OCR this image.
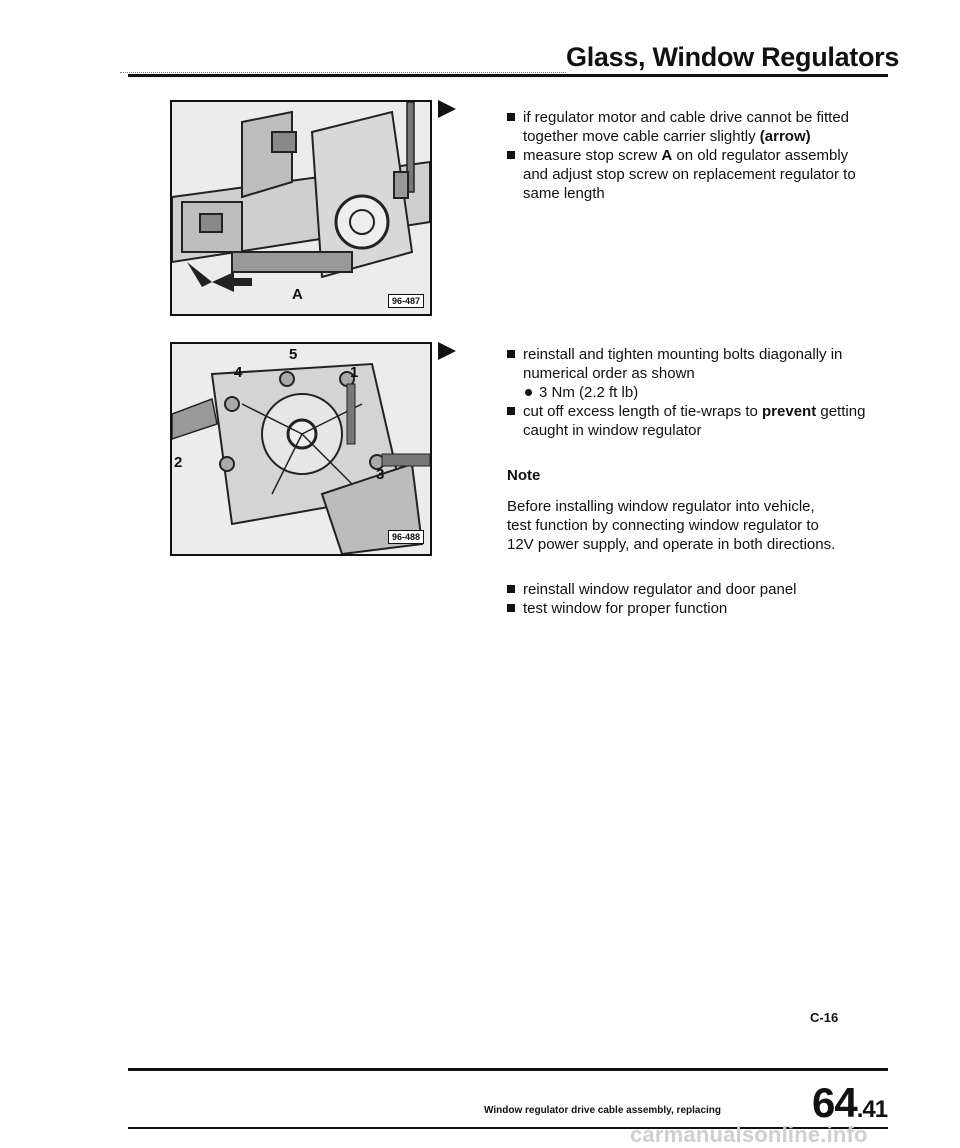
Glass, Window Regulators
A	96-487
if regulator motor and cable drive cannot be fitted together move cable carrier slightly (arrow)
measure stop screw A on old regulator assembly and adjust stop screw on replacement regulator to same length
5
4	1
2
3
96-488
reinstall and tighten mounting bolts diagonally in numerical order as shown
3 Nm (2.2 ft lb)
cut off excess length of tie-wraps to prevent getting caught in window regulator
Note
Before installing window regulator into vehicle, test function by connecting window regulator to 12V power supply, and operate in both directions.
reinstall window regulator and door panel
test window for proper function
C-16
Window regulator drive cable assembly, replacing 64.41
carmanualsonline.info
